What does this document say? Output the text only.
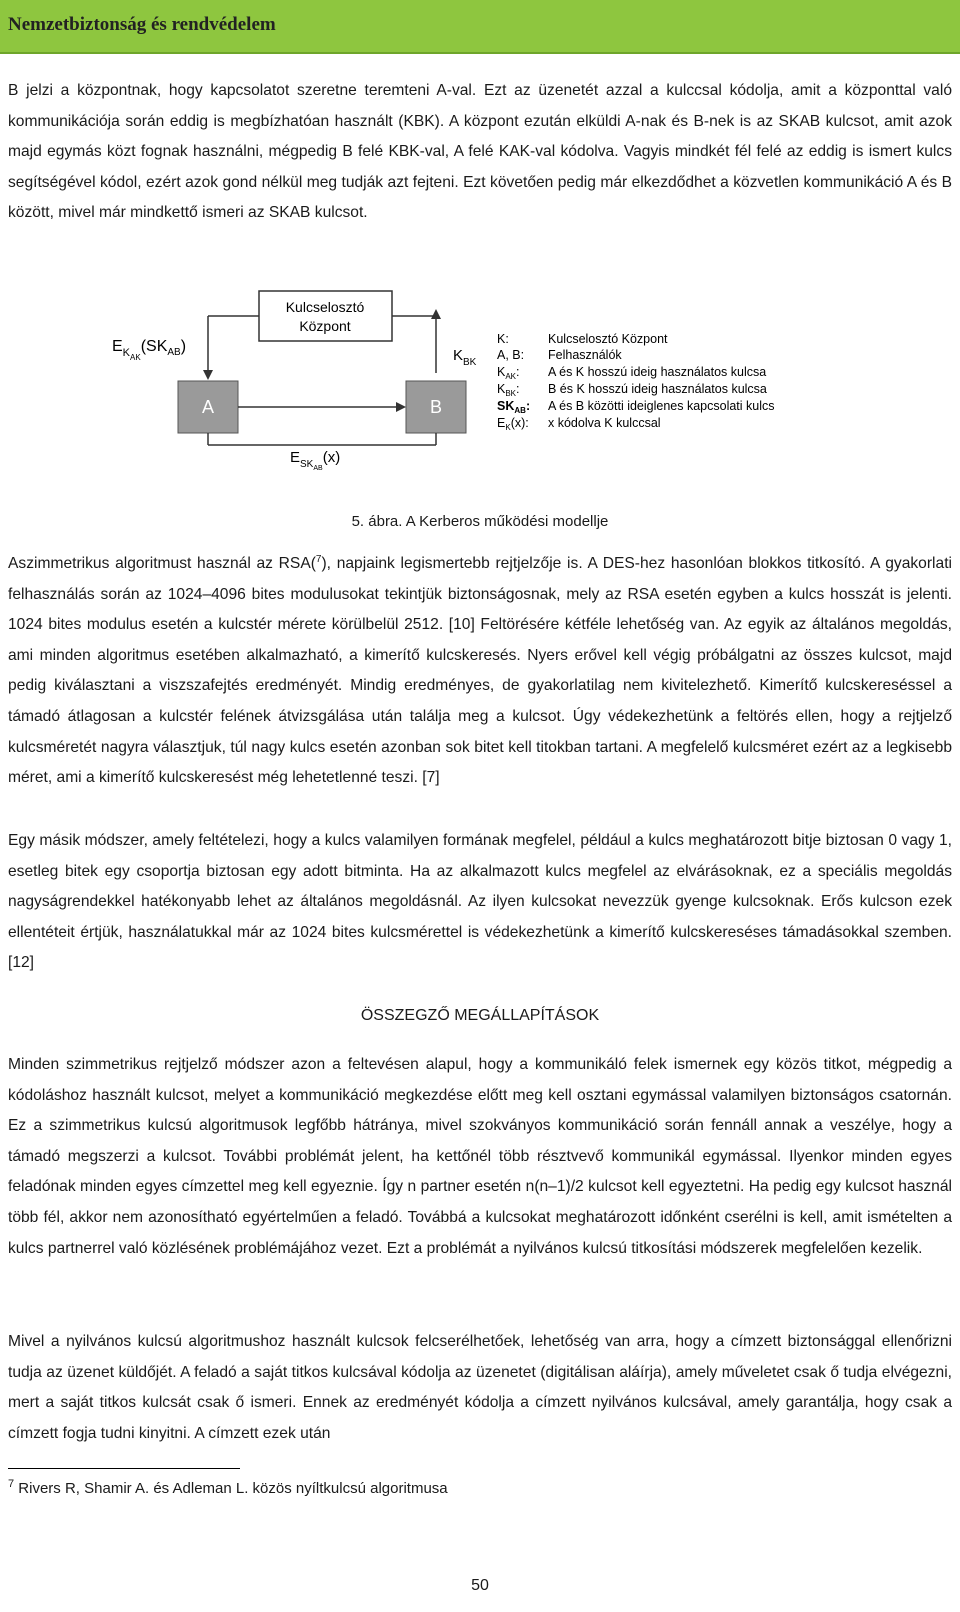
Nemzetbiztonság és rendvédelem

B jelzi a központnak, hogy kapcsolatot szeretne teremteni A-val. Ezt az üzenetét azzal a kulccsal kódolja, amit a központtal való kommunikációja során eddig is megbízhatóan használt (KBK). A központ ezután elküldi A-nak és B-nek is az SKAB kulcsot, amit azok majd egymás közt fognak használni, mégpedig B felé KBK-val, A felé KAK-val kódolva. Vagyis mindkét fél felé az eddig is ismert kulcs segítségével kódol, ezért azok gond nélkül meg tudják azt fejteni. Ezt követően pedig már elkezdődhet a közvetlen kommunikáció A és B között, mivel már mindkettő ismeri az SKAB kulcsot.

Kulcselosztó
Központ
A	B
$E_{KAK}(SK_{AB})$
$K_{BK}$
$E_{SKAB}(x)$
K:	Kulcselosztó Központ
A, B: Felhasználók
$K_{AK}$: A és K hosszú ideig használatos kulcsa
$K_{BK}$: B és K hosszú ideig használatos kulcsa
$SK_{AB}$: A és B közötti ideiglenes kapcsolati kulcs
$E_K(x)$: x kódolva K kulccsal
5. ábra. A Kerberos működési modellje

Aszimmetrikus algoritmust használ az RSA($^7$), napjaink legismertebb rejtjelzője is. A DES-hez hasonlóan blokkos titkosító. A gyakorlati felhasználás során az 1024–4096 bites modulusokat tekintjük biztonságosnak, mely az RSA esetén egyben a kulcs hosszát is jelenti. 1024 bites modulus esetén a kulcstér mérete körülbelül 2512. [10] Feltörésére kétféle lehetőség van. Az egyik az általános megoldás, ami minden algoritmus esetében alkalmazható, a kimerítő kulcskeresés. Nyers erővel kell végig próbálgatni az összes kulcsot, majd pedig kiválasztani a viszszafejtés eredményét. Mindig eredményes, de gyakorlatilag nem kivitelezhető. Kimerítő kulcskereséssel a támadó átlagosan a kulcstér felének átvizsgálása után találja meg a kulcsot. Úgy védekezhetünk a feltörés ellen, hogy a rejtjelző kulcsméretét nagyra választjuk, túl nagy kulcs esetén azonban sok bitet kell titokban tartani. A megfelelő kulcsméret ezért az a legkisebb méret, ami a kimerítő kulcskeresést még lehetetlenné teszi. [7]

Egy másik módszer, amely feltételezi, hogy a kulcs valamilyen formának megfelel, például a kulcs meghatározott bitje biztosan 0 vagy 1, esetleg bitek egy csoportja biztosan egy adott bitminta. Ha az alkalmazott kulcs megfelel az elvárásoknak, ez a speciális megoldás nagyságrendekkel hatékonyabb lehet az általános megoldásnál. Az ilyen kulcsokat nevezzük gyenge kulcsoknak. Erős kulcson ezek ellentéteit értjük, használatukkal már az 1024 bites kulcsmérettel is védekezhetünk a kimerítő kulcskereséses támadásokkal szemben. [12]

ÖSSZEGZŐ MEGÁLLAPÍTÁSOK

Minden szimmetrikus rejtjelző módszer azon a feltevésen alapul, hogy a kommunikáló felek ismernek egy közös titkot, mégpedig a kódoláshoz használt kulcsot, melyet a kommunikáció megkezdése előtt meg kell osztani egymással valamilyen biztonságos csatornán. Ez a szimmetrikus kulcsú algoritmusok legfőbb hátránya, mivel szokványos kommunikáció során fennáll annak a veszélye, hogy a támadó megszerzi a kulcsot. További problémát jelent, ha kettőnél több résztvevő kommunikál egymással. Ilyenkor minden egyes feladónak minden egyes címzettel meg kell egyeznie. Így n partner esetén n(n–1)/2 kulcsot kell egyeztetni. Ha pedig egy kulcsot használ több fél, akkor nem azonosítható egyértelműen a feladó. Továbbá a kulcsokat meghatározott időnként cserélni is kell, amit ismételten a kulcs partnerrel való közlésének problémájához vezet. Ezt a problémát a nyilvános kulcsú titkosítási módszerek megfelelően kezelik.

Mivel a nyilvános kulcsú algoritmushoz használt kulcsok felcserélhetőek, lehetőség van arra, hogy a címzett biztonsággal ellenőrizni tudja az üzenet küldőjét. A feladó a saját titkos kulcsával kódolja az üzenetet (digitálisan aláírja), amely műveletet csak ő tudja elvégezni, mert a saját titkos kulcsát csak ő ismeri. Ennek az eredményét kódolja a címzett nyilvános kulcsával, amely garantálja, hogy csak a címzett fogja tudni kinyitni. A címzett ezek után

$^7$ Rivers R, Shamir A. és Adleman L. közös nyíltkulcsú algoritmusa
50
